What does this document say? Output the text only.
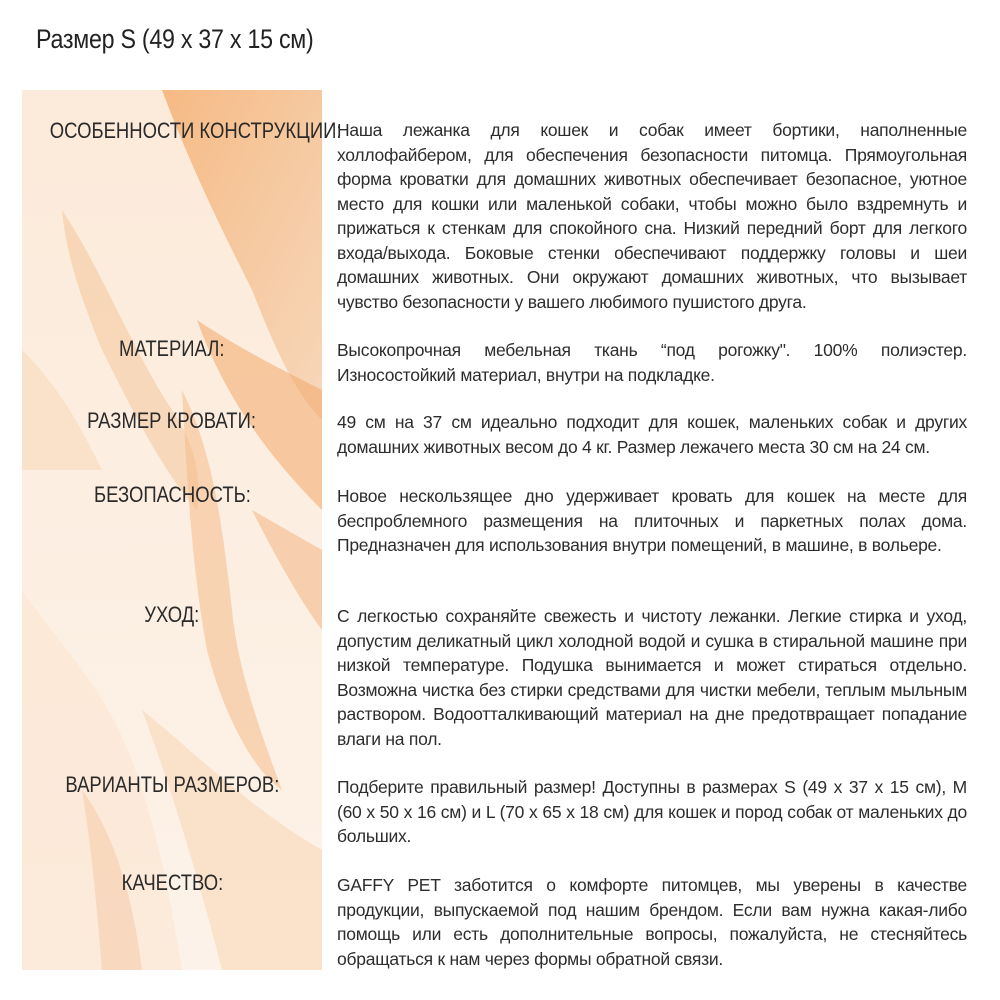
Размер S (49 x 37 x 15 см)
ОСОБЕННОСТИ КОНСТРУКЦИИ:
Наша лежанка для кошек и собак имеет бортики, наполненные холлофайбером, для обеспечения безопасности питомца. Прямоугольная форма кроватки для домашних животных обеспечивает безопасное, уютное место для кошки или маленькой собаки, чтобы можно было вздремнуть и прижаться к стенкам для спокойного сна. Низкий передний борт для легкого входа/выхода. Боковые стенки обеспечивают поддержку головы и шеи домашних животных. Они окружают домашних животных, что вызывает чувство безопасности у вашего любимого пушистого друга.
МАТЕРИАЛ:	Высокопрочная мебельная ткань “под рогожку". 100% полиэстер. Износостойкий материал, внутри на подкладке.
РАЗМЕР КРОВАТИ:	49 см на 37 см идеально подходит для кошек, маленьких собак и других домашних животных весом до 4 кг. Размер лежачего места 30 см на 24 см.
БЕЗОПАСНОСТЬ:	Новое нескользящее дно удерживает кровать для кошек на месте для беспроблемного размещения на плиточных и паркетных полах дома. Предназначен для использования внутри помещений, в машине, в вольере.
УХОД:	С легкостью сохраняйте свежесть и чистоту лежанки. Легкие стирка и уход, допустим деликатный цикл холодной водой и сушка в стиральной машине при низкой температуре. Подушка вынимается и может стираться отдельно. Возможна чистка без стирки средствами для чистки мебели, теплым мыльным раствором. Водоотталкивающий материал на дне предотвращает попадание влаги на пол.
ВАРИАНТЫ РАЗМЕРОВ:	Подберите правильный размер! Доступны в размерах S (49 x 37 x 15 см), M (60 x 50 x 16 см) и L (70 x 65 x 18 см) для кошек и пород собак от маленьких до больших.
КАЧЕСТВО:	GAFFY PET заботится о комфорте питомцев, мы уверены в качестве продукции, выпускаемой под нашим брендом. Если вам нужна какая-либо помощь или есть дополнительные вопросы, пожалуйста, не стесняйтесь обращаться к нам через формы обратной связи.
